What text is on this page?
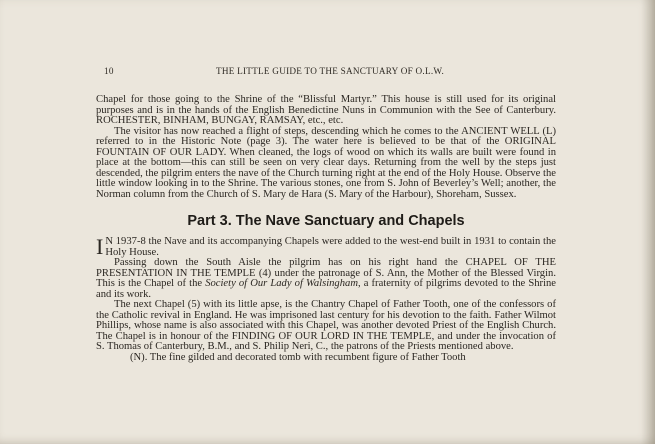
10	THE LITTLE GUIDE TO THE SANCTUARY OF O.L.W.

Chapel for those going to the Shrine of the “Blissful Martyr.” This house is still used for its original purposes and is in the hands of the English Benedictine Nuns in Communion with the See of Canterbury. ROCHESTER, BINHAM, BUNGAY, RAMSAY, etc., etc.

The visitor has now reached a flight of steps, descending which he comes to the ANCIENT WELL (L) referred to in the Historic Note (page 3). The water here is believed to be that of the ORIGINAL FOUNTAIN OF OUR LADY. When cleaned, the logs of wood on which its walls are built were found in place at the bottom—this can still be seen on very clear days. Returning from the well by the steps just descended, the pilgrim enters the nave of the Church turning right at the end of the Holy House. Observe the little window looking in to the Shrine. The various stones, one from S. John of Beverley’s Well; another, the Norman column from the Church of S. Mary de Hara (S. Mary of the Harbour), Shoreham, Sussex.

Part 3. The Nave Sanctuary and Chapels

I N 1937-8 the Nave and its accompanying Chapels were added to the west-end built in 1931 to contain the Holy House.

Passing down the South Aisle the pilgrim has on his right hand the CHAPEL OF THE PRESENTATION IN THE TEMPLE (4) under the patronage of S. Ann, the Mother of the Blessed Virgin. This is the Chapel of the Society of Our Lady of Walsingham, a fraternity of pilgrims devoted to the Shrine and its work.

The next Chapel (5) with its little apse, is the Chantry Chapel of Father Tooth, one of the confessors of the Catholic revival in England. He was imprisoned last century for his devotion to the faith. Father Wilmot Phillips, whose name is also associated with this Chapel, was another devoted Priest of the English Church. The Chapel is in honour of the FINDING OF OUR LORD IN THE TEMPLE, and under the invocation of S. Thomas of Canterbury, B.M., and S. Philip Neri, C., the patrons of the Priests mentioned above.

(N). The fine gilded and decorated tomb with recumbent figure of Father Tooth
